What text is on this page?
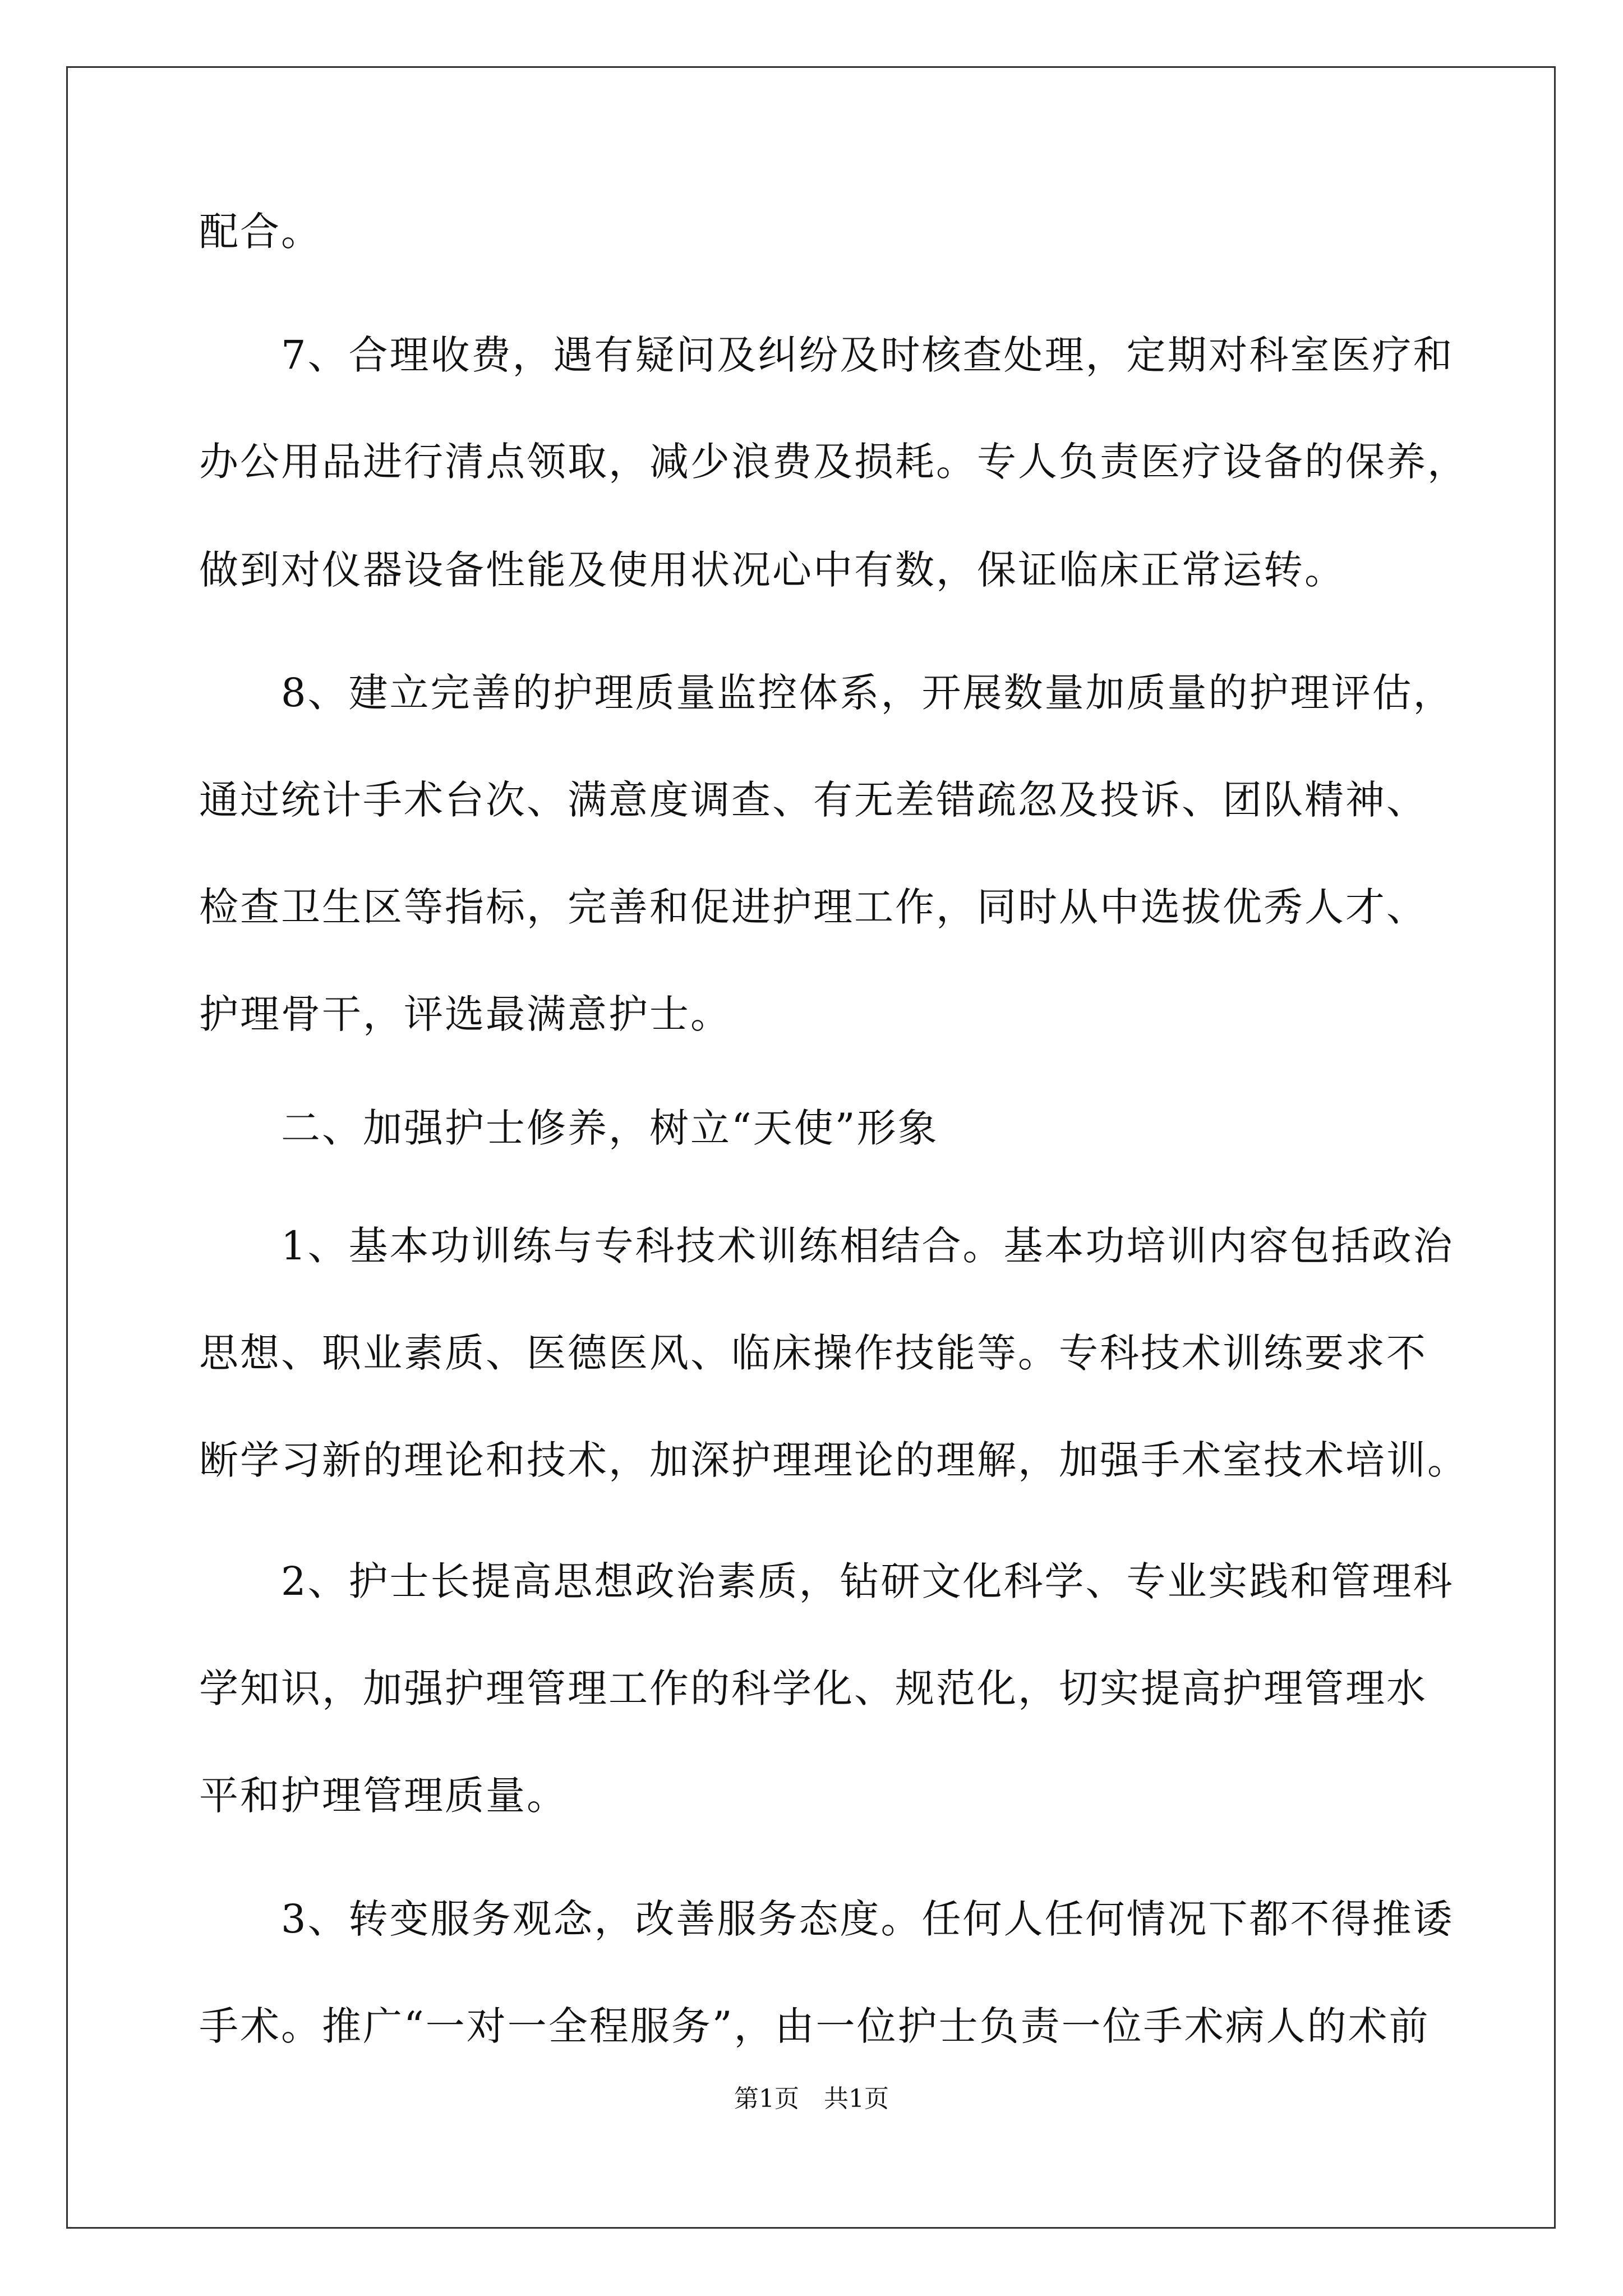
配合。
　　7、合理收费，遇有疑问及纠纷及时核查处理，定期对科室医疗和
办公用品进行清点领取，减少浪费及损耗。专人负责医疗设备的保养，
做到对仪器设备性能及使用状况心中有数，保证临床正常运转。
　　8、建立完善的护理质量监控体系，开展数量加质量的护理评估，
通过统计手术台次、满意度调查、有无差错疏忽及投诉、团队精神、
检查卫生区等指标，完善和促进护理工作，同时从中选拔优秀人才、
护理骨干，评选最满意护士。
　　二、加强护士修养，树立“天使”形象
　　1、基本功训练与专科技术训练相结合。基本功培训内容包括政治
思想、职业素质、医德医风、临床操作技能等。专科技术训练要求不
断学习新的理论和技术，加深护理理论的理解，加强手术室技术培训。
　　2、护士长提高思想政治素质，钻研文化科学、专业实践和管理科
学知识，加强护理管理工作的科学化、规范化，切实提高护理管理水
平和护理管理质量。
　　3、转变服务观念，改善服务态度。任何人任何情况下都不得推诿
手术。推广“一对一全程服务”，由一位护士负责一位手术病人的术前
第1页　共1页
